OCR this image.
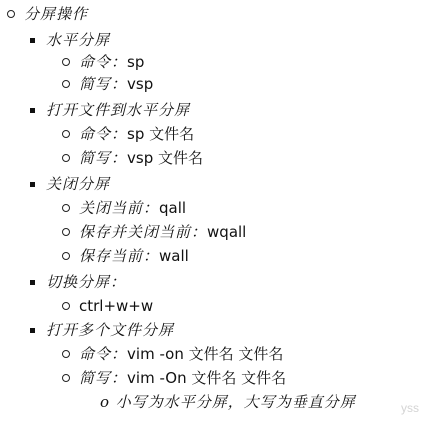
分屏操作
水平分屏
命令 ： sp
简写 ： vsp
打开文件到水平分屏
命令 ： sp 文件名
简写 ： vsp 文件名
关闭分屏
关闭当前 ： qall
保存并关闭当前 ： wqall
保存当前 ： wall
切换分屏 ：
ctrl+w+w
打开多个文件分屏
命令 ： vim -on 文件名 文件名
简写 ： vim -On 文件名 文件名
o 小写为水平分屏，大写为垂直分屏	yss
